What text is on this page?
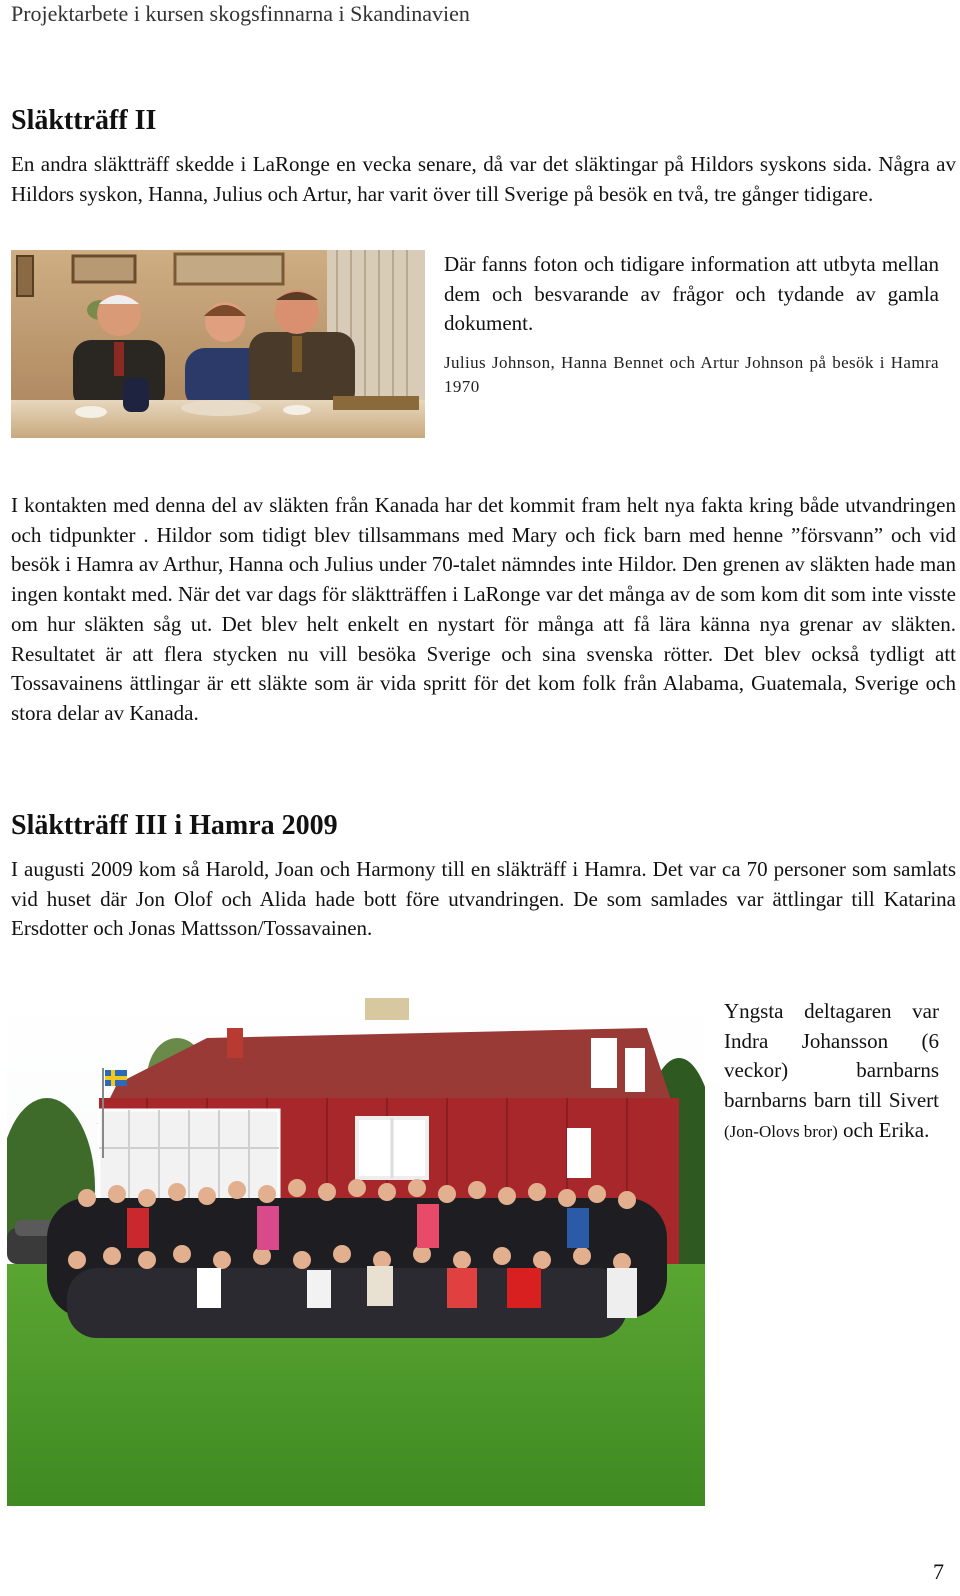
Projektarbete i kursen skogsfinnarna i Skandinavien
Släktträff II

En andra släktträff skedde i LaRonge en vecka senare, då var det släktingar på Hildors syskons sida. Några av Hildors syskon, Hanna, Julius och Artur, har varit över till Sverige på besök en två, tre gånger tidigare.

Där fanns foton och tidigare information att utbyta mellan dem och besvarande av frågor och tydande av gamla dokument.

Julius Johnson, Hanna Bennet och Artur Johnson på besök i Hamra 1970

I kontakten med denna del av släkten från Kanada har det kommit fram helt nya fakta kring både utvandringen och tidpunkter . Hildor som tidigt blev tillsammans med Mary och fick barn med henne ”försvann” och vid besök i Hamra av Arthur, Hanna och Julius under 70-talet nämndes inte Hildor. Den grenen av släkten hade man ingen kontakt med. När det var dags för släktträffen i LaRonge var det många av de som kom dit som inte visste om hur släkten såg ut. Det blev helt enkelt en nystart för många att få lära känna nya grenar av släkten. Resultatet är att flera stycken nu vill besöka Sverige och sina svenska rötter. Det blev också tydligt att Tossavainens ättlingar är ett släkte som är vida spritt för det kom folk från Alabama, Guatemala, Sverige och stora delar av Kanada.

Släktträff III i Hamra 2009

I augusti 2009 kom så Harold, Joan och Harmony till en släkträff i Hamra. Det var ca 70 personer som samlats vid huset där Jon Olof och Alida hade bott före utvandringen. De som samlades var ättlingar till Katarina Ersdotter och Jonas Mattsson/Tossavainen.

Yngsta deltagaren var Indra Johansson (6 veckor) barnbarns barnbarns barn till Sivert (Jon-Olovs bror) och Erika.

7
